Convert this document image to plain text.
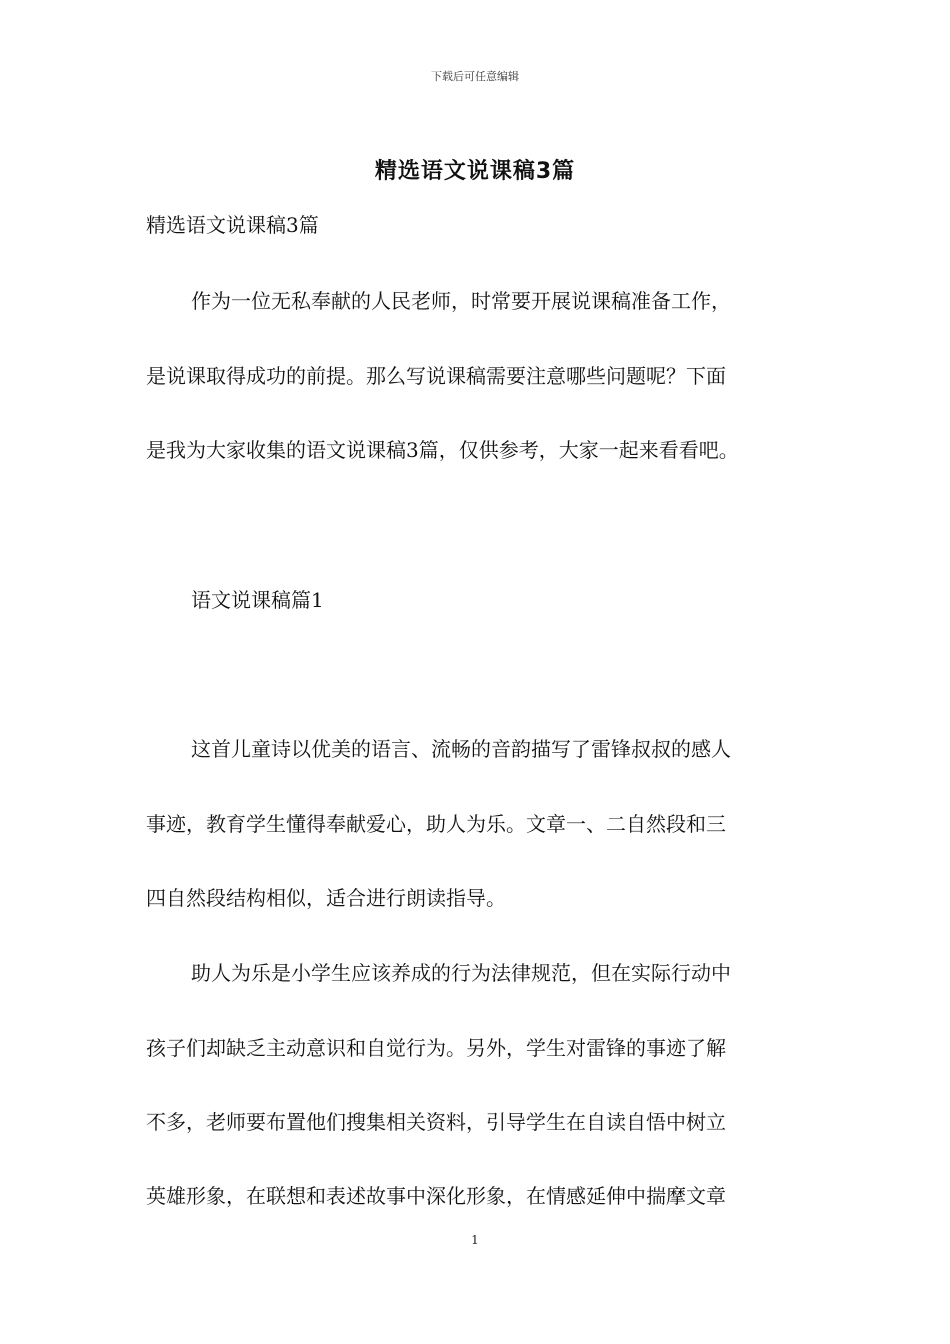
下载后可任意编辑
精选语文说课稿3篇
精选语文说课稿3篇
作为一位无私奉献的人民老师，时常要开展说课稿准备工作，
是说课取得成功的前提。那么写说课稿需要注意哪些问题呢？下面
是我为大家收集的语文说课稿3篇，仅供参考，大家一起来看看吧。
语文说课稿篇1
这首儿童诗以优美的语言、流畅的音韵描写了雷锋叔叔的感人
事迹，教育学生懂得奉献爱心，助人为乐。文章一、二自然段和三
四自然段结构相似，适合进行朗读指导。
助人为乐是小学生应该养成的行为法律规范，但在实际行动中
孩子们却缺乏主动意识和自觉行为。另外，学生对雷锋的事迹了解
不多，老师要布置他们搜集相关资料，引导学生在自读自悟中树立
英雄形象，在联想和表述故事中深化形象，在情感延伸中揣摩文章
1
